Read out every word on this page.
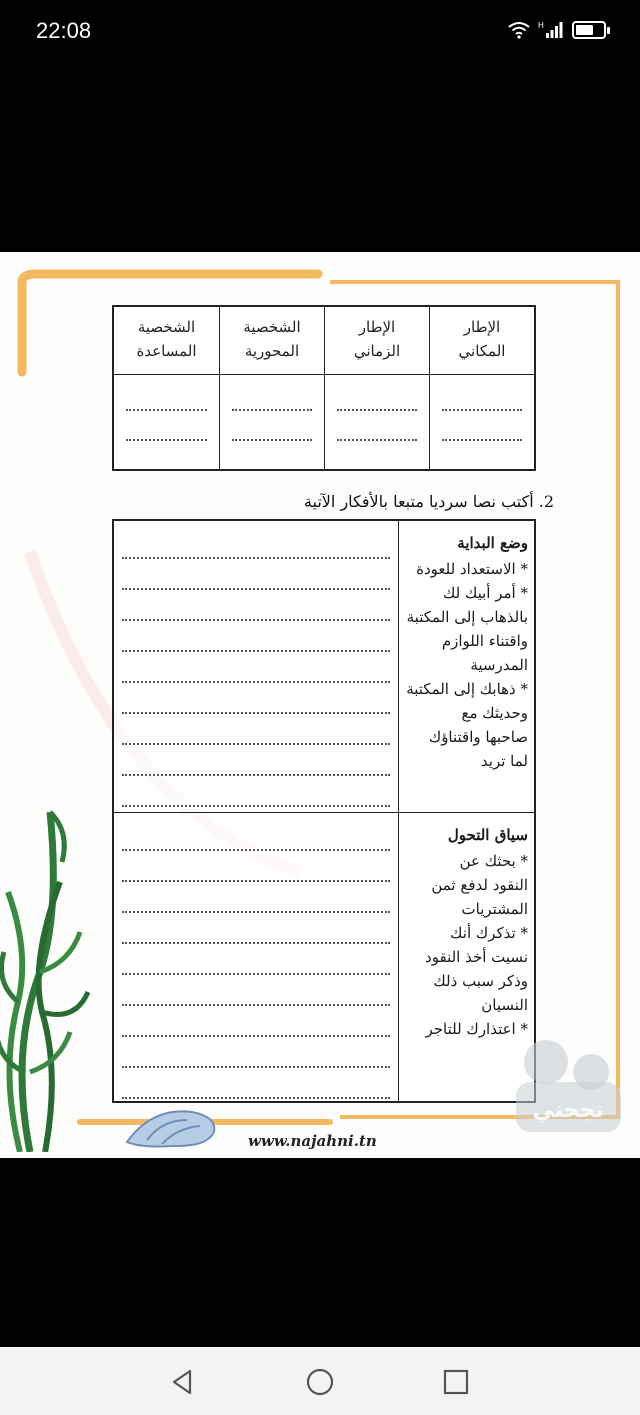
22:08	H
الإطار
المكاني
الإطار
الزماني
الشخصية
المحورية
الشخصية
المساعدة
2. أكتب نصا سرديا متبعا بالأفكار الآتية
وضع البداية
* الاستعداد للعودة
* أمر أبيك لك
بالذهاب إلى المكتبة
واقتناء اللوازم
المدرسية
* ذهابك إلى المكتبة
وحديثك مع
صاحبها واقتناؤك
لما تريد
سياق التحول
* بحثك عن
النقود لدفع ثمن
المشتريات
* تذكرك أنك
نسيت أخذ النقود
وذكر سبب ذلك
النسيان
* اعتذارك للتاجر
نجحني
www.najahni.tn
